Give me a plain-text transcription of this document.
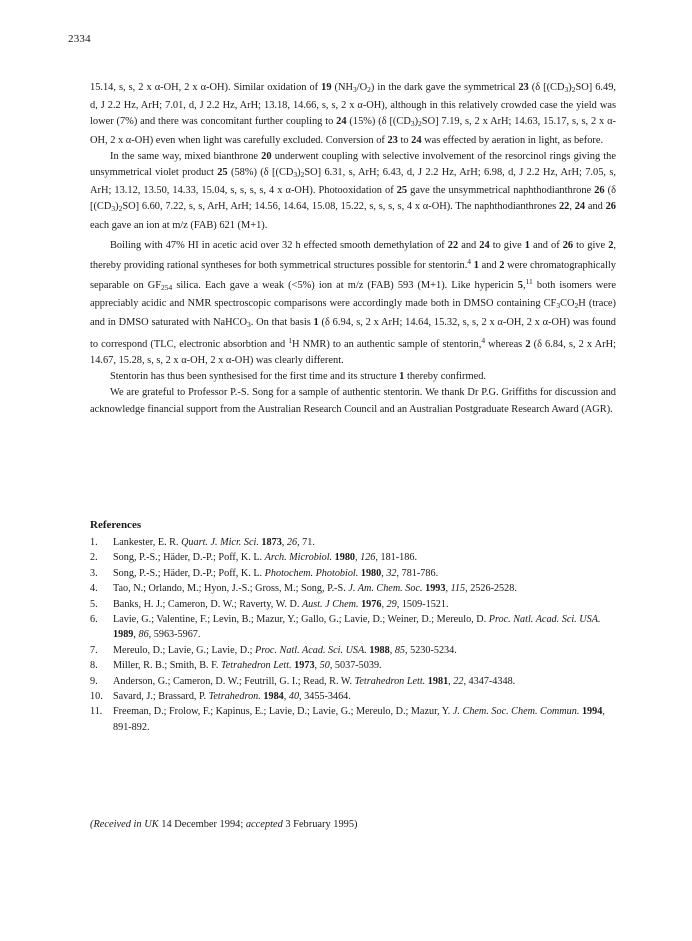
2334

15.14, s, s, 2 x α-OH, 2 x α-OH). Similar oxidation of 19 $(NH_3/O_2)$ in the dark gave the symmetrical 23 (δ $[(CD_3)_2SO]$ 6.49, d, J 2.2 Hz, ArH; 7.01, d, J 2.2 Hz, ArH; 13.18, 14.66, s, s, 2 x α-OH), although in this relatively crowded case the yield was lower (7%) and there was concomitant further coupling to 24 (15%) (δ $[(CD_3)_2SO]$ 7.19, s, 2 x ArH; 14.63, 15.17, s, s, 2 x α-OH, 2 x α-OH) even when light was carefully excluded. Conversion of 23 to 24 was effected by aeration in light, as before.

In the same way, mixed bianthrone 20 underwent coupling with selective involvement of the resorcinol rings giving the unsymmetrical violet product 25 (58%) (δ $[(CD_3)_2SO]$ 6.31, s, ArH; 6.43, d, J 2.2 Hz, ArH; 6.98, d, J 2.2 Hz, ArH; 7.05, s, ArH; 13.12, 13.50, 14.33, 15.04, s, s, s, s, 4 x α-OH). Photooxidation of 25 gave the unsymmetrical naphthodianthrone 26 (δ $[(CD_3)_2SO]$ 6.60, 7.22, s, s, ArH, ArH; 14.56, 14.64, 15.08, 15.22, s, s, s, s, 4 x α-OH). The naphthodianthrones 22, 24 and 26 each gave an ion at m/z (FAB) 621 (M+1).

Boiling with 47% HI in acetic acid over 32 h effected smooth demethylation of 22 and 24 to give 1 and of 26 to give 2, thereby providing rational syntheses for both symmetrical structures possible for stentorin.$^4$ 1 and 2 were chromatographically separable on $GF_{254}$ silica. Each gave a weak (<5%) ion at m/z (FAB) 593 (M+1). Like hypericin 5,11 both isomers were appreciably acidic and NMR spectroscopic comparisons were accordingly made both in DMSO containing $CF_3CO_2H$ (trace) and in DMSO saturated with NaHCO$_3$. On that basis 1 (δ 6.94, s, 2 x ArH; 14.64, 15.32, s, s, 2 x α-OH, 2 x α-OH) was found to correspond (TLC, electronic absorbtion and $^1$H NMR) to an authentic sample of stentorin,$^4$ whereas 2 (δ 6.84, s, 2 x ArH; 14.67, 15.28, s, s, 2 x α-OH, 2 x α-OH) was clearly different.

Stentorin has thus been synthesised for the first time and its structure 1 thereby confirmed.

We are grateful to Professor P.-S. Song for a sample of authentic stentorin. We thank Dr P.G. Griffiths for discussion and acknowledge financial support from the Australian Research Council and an Australian Postgraduate Research Award (AGR).

References
1. Lankester, E. R. Quart. J. Micr. Sci. 1873, 26, 71.
2. Song, P.-S.; Häder, D.-P.; Poff, K. L. Arch. Microbiol. 1980, 126, 181-186.
3. Song, P.-S.; Häder, D.-P.; Poff, K. L. Photochem. Photobiol. 1980, 32, 781-786.
4. Tao, N.; Orlando, M.; Hyon, J.-S.; Gross, M.; Song, P.-S. J. Am. Chem. Soc. 1993, 115, 2526-2528.
5. Banks, H. J.; Cameron, D. W.; Raverty, W. D. Aust. J Chem. 1976, 29, 1509-1521.
6. Lavie, G.; Valentine, F.; Levin, B.; Mazur, Y.; Gallo, G.; Lavie, D.; Weiner, D.; Mereulo, D. Proc. Natl. Acad. Sci. USA. 1989, 86, 5963-5967.
7. Mereulo, D.; Lavie, G.; Lavie, D.; Proc. Natl. Acad. Sci. USA. 1988, 85, 5230-5234.
8. Miller, R. B.; Smith, B. F. Tetrahedron Lett. 1973, 50, 5037-5039.
9. Anderson, G.; Cameron, D. W.; Feutrill, G. I.; Read, R. W. Tetrahedron Lett. 1981, 22, 4347-4348.
10. Savard, J.; Brassard, P. Tetrahedron. 1984, 40, 3455-3464.
11. Freeman, D.; Frolow, F.; Kapinus, E.; Lavie, D.; Lavie, G.; Mereulo, D.; Mazur, Y. J. Chem. Soc. Chem. Commun. 1994, 891-892.
(Received in UK 14 December 1994; accepted 3 February 1995)
